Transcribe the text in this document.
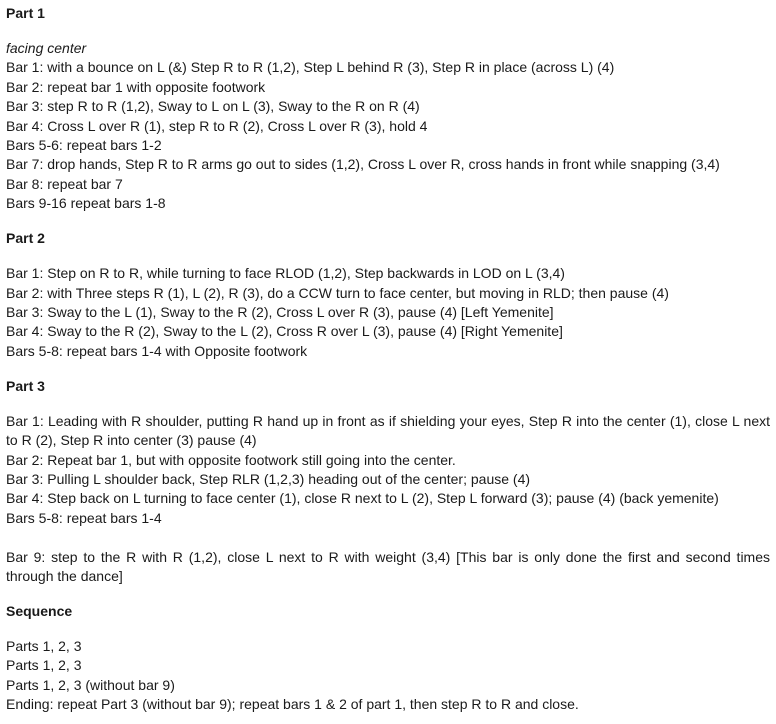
Part 1

facing center

Bar 1: with a bounce on L (&) Step R to R (1,2), Step L behind R (3), Step R in place (across L) (4)

Bar 2: repeat bar 1 with opposite footwork

Bar 3: step R to R (1,2), Sway to L on L (3), Sway to the R on R (4)

Bar 4: Cross L over R (1), step R to R (2), Cross L over R (3), hold 4

Bars 5-6: repeat bars 1-2

Bar 7: drop hands, Step R to R arms go out to sides (1,2), Cross L over R, cross hands in front while snapping (3,4)

Bar 8: repeat bar 7

Bars 9-16 repeat bars 1-8

Part 2

Bar 1: Step on R to R, while turning to face RLOD (1,2), Step backwards in LOD on L (3,4)

Bar 2: with Three steps R (1), L (2), R (3), do a CCW turn to face center, but moving in RLD; then pause (4)

Bar 3: Sway to the L (1), Sway to the R (2), Cross L over R (3), pause (4) [Left Yemenite]

Bar 4: Sway to the R (2), Sway to the L (2), Cross R over L (3), pause (4) [Right Yemenite]

Bars 5-8: repeat bars 1-4 with Opposite footwork

Part 3

Bar 1: Leading with R shoulder, putting R hand up in front as if shielding your eyes, Step R into the center (1), close L next to R (2), Step R into center (3) pause (4)

Bar 2: Repeat bar 1, but with opposite footwork still going into the center.

Bar 3: Pulling L shoulder back, Step RLR (1,2,3) heading out of the center; pause (4)

Bar 4: Step back on L turning to face center (1), close R next to L (2), Step L forward (3); pause (4) (back yemenite)

Bars 5-8: repeat bars 1-4

Bar 9: step to the R with R (1,2), close L next to R with weight (3,4) [This bar is only done the first and second times through the dance]

Sequence

Parts 1, 2, 3

Parts 1, 2, 3

Parts 1, 2, 3 (without bar 9)

Ending: repeat Part 3 (without bar 9); repeat bars 1 & 2 of part 1, then step R to R and close.
